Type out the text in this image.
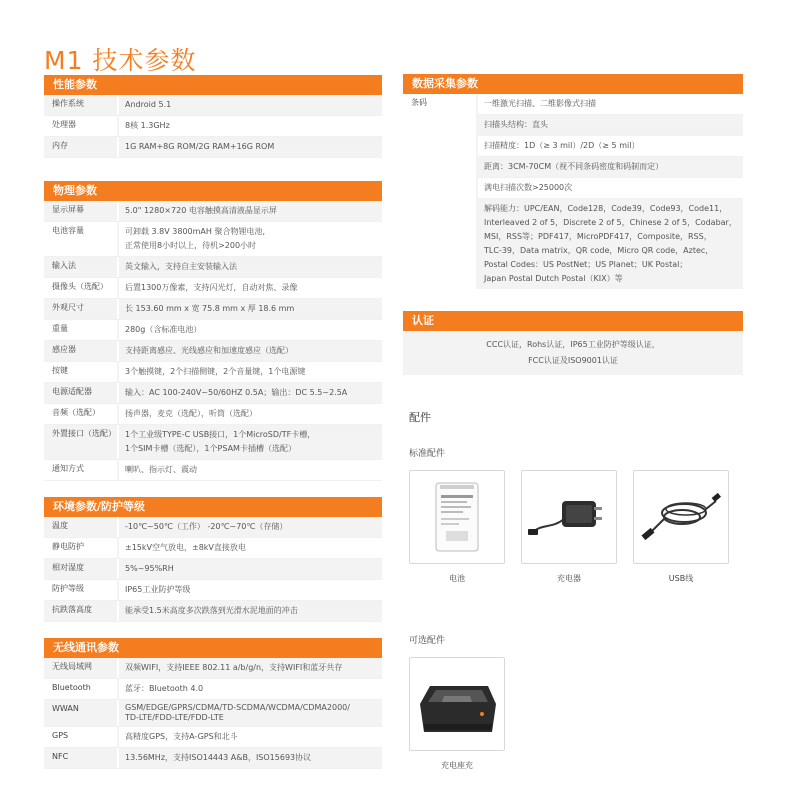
M1 技术参数
性能参数
操作系统	Android 5.1
处理器	8核 1.3GHz
内存	1G RAM+8G ROM/2G RAM+16G ROM
物理参数
显示屏幕	5.0" 1280×720 电容触摸高清液晶显示屏
电池容量	可卸载 3.8V 3800mAH 聚合物锂电池,
正常使用8小时以上，待机>200小时
输入法	英文输入，支持自主安装输入法
摄像头（选配）	后置1300万像素，支持闪光灯，自动对焦、录像
外观尺寸	长 153.60 mm x 宽 75.8 mm x 厚 18.6 mm
重量	280g（含标准电池）
感应器	支持距离感应、光线感应和加速度感应（选配）
按键	3个触摸键，2个扫描侧键，2个音量键，1个电源键
电源适配器	输入：AC 100-240V~50/60HZ 0.5A；输出：DC 5.5~2.5A
音频（选配）	扬声器，麦克（选配），听筒（选配）
外置接口（选配）	1个工业级TYPE-C USB接口，1个MicroSD/TF卡槽，
1个SIM卡槽（选配），1个PSAM卡插槽（选配）
通知方式	喇叭、指示灯、震动
环境参数/防护等级
温度	-10℃~50℃（工作） -20℃~70℃（存储）
静电防护	±15kV空气放电，±8kV直接放电
相对湿度	5%~95%RH
防护等级	IP65工业防护等级
抗跌落高度	能承受1.5米高度多次跌落到光滑水泥地面的冲击
无线通讯参数
无线局域网	双频WIFI，支持IEEE 802.11 a/b/g/n，支持WIFI和蓝牙共存
Bluetooth	蓝牙：Bluetooth 4.0
WWAN	GSM/EDGE/GPRS/CDMA/TD-SCDMA/WCDMA/CDMA2000/
TD-LTE/FDD-LTE/FDD-LTE
GPS	高精度GPS，支持A-GPS和北斗
NFC	13.56MHz，支持ISO14443 A&B，ISO15693协议
数据采集参数
条码	一维激光扫描、二维影像式扫描
扫描头结构：直头
扫描精度：1D（≥ 3 mil）/2D（≥ 5 mil）
距离：3CM-70CM（视不同条码密度和码制而定）
满电扫描次数>25000次
解码能力：UPC/EAN，Code128，Code39，Code93，Code11，
Interleaved 2 of 5，Discrete 2 of 5，Chinese 2 of 5，Codabar，
MSI，RSS等；PDF417，MicroPDF417，Composite，RSS，
TLC-39，Data matrix，QR code，Micro QR code，Aztec，
Postal Codes：US PostNet；US Planet；UK Postal；
Japan Postal Dutch Postal（KIX）等
认证
CCC认证，Rohs认证，IP65工业防护等级认证，
FCC认证及ISO9001认证
配件
标准配件
电池	充电器	USB线
可选配件
充电座充
